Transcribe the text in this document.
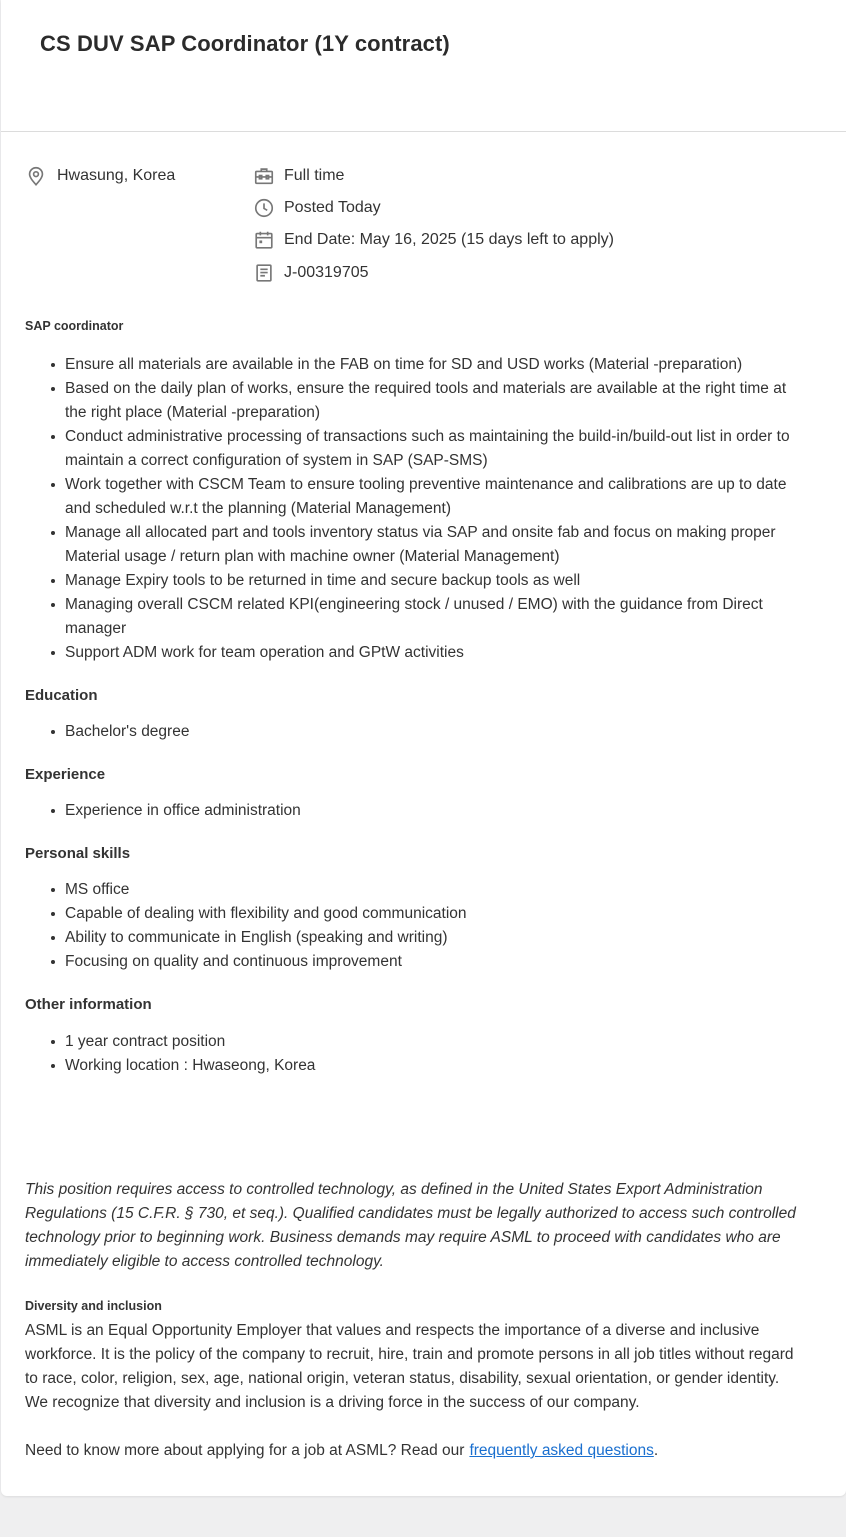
CS DUV SAP Coordinator (1Y contract)
Hwasung, Korea	Full time
Posted Today
End Date: May 16, 2025 (15 days left to apply)
J-00319705

SAP coordinator

Ensure all materials are available in the FAB on time for SD and USD works (Material -preparation)
Based on the daily plan of works, ensure the required tools and materials are available at the right time at the right place (Material -preparation)
Conduct administrative processing of transactions such as maintaining the build-in/build-out list in order to maintain a correct configuration of system in SAP (SAP-SMS)
Work together with CSCM Team to ensure tooling preventive maintenance and calibrations are up to date and scheduled w.r.t the planning (Material Management)
Manage all allocated part and tools inventory status via SAP and onsite fab and focus on making proper Material usage / return plan with machine owner (Material Management)
Manage Expiry tools to be returned in time and secure backup tools as well
Managing overall CSCM related KPI(engineering stock / unused / EMO) with the guidance from Direct manager
Support ADM work for team operation and GPtW activities

Education

Bachelor's degree

Experience

Experience in office administration

Personal skills

MS office
Capable of dealing with flexibility and good communication
Ability to communicate in English (speaking and writing)
Focusing on quality and continuous improvement

Other information

1 year contract position
Working location : Hwaseong, Korea

This position requires access to controlled technology, as defined in the United States Export Administration Regulations (15 C.F.R. § 730, et seq.). Qualified candidates must be legally authorized to access such controlled technology prior to beginning work. Business demands may require ASML to proceed with candidates who are immediately eligible to access controlled technology.

Diversity and inclusion

ASML is an Equal Opportunity Employer that values and respects the importance of a diverse and inclusive workforce. It is the policy of the company to recruit, hire, train and promote persons in all job titles without regard to race, color, religion, sex, age, national origin, veteran status, disability, sexual orientation, or gender identity. We recognize that diversity and inclusion is a driving force in the success of our company.

Need to know more about applying for a job at ASML? Read our frequently asked questions.
